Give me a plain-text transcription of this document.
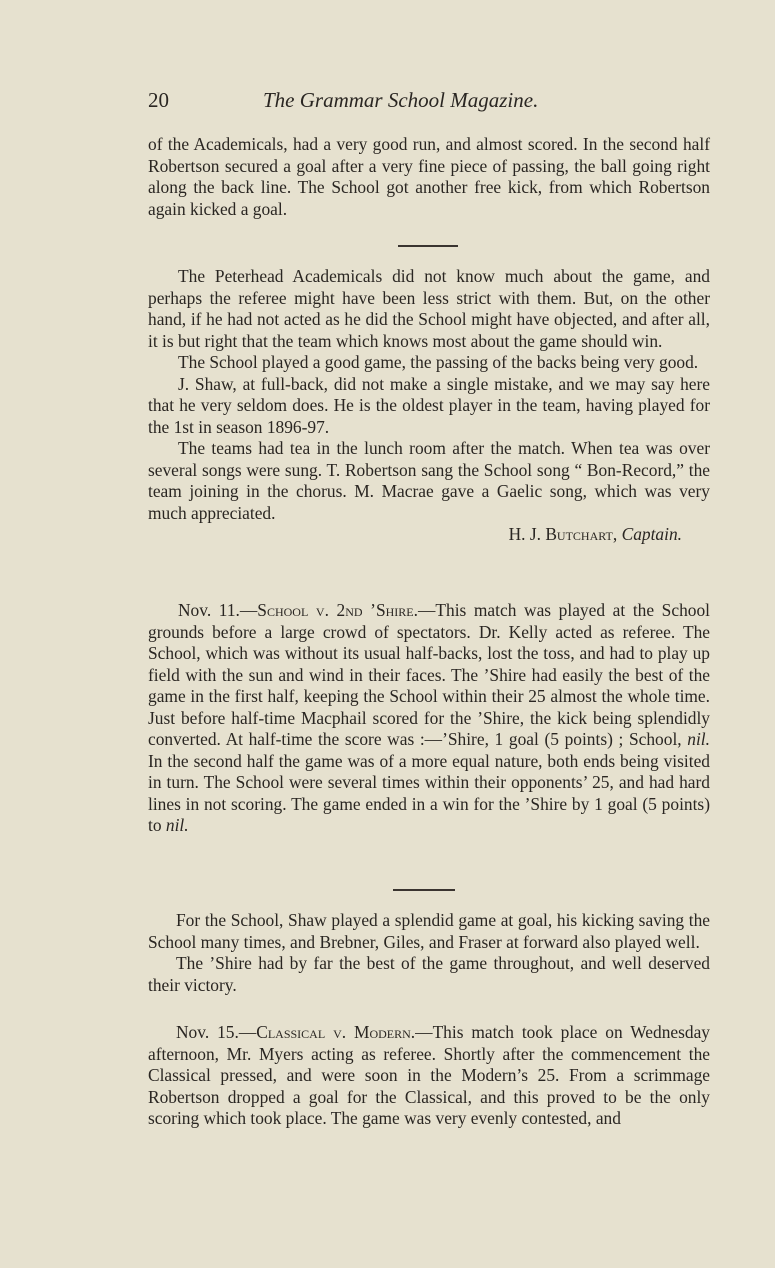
20	The Grammar School Magazine.

of the Academicals, had a very good run, and almost scored. In the second half Robertson secured a goal after a very fine piece of passing, the ball going right along the back line. The School got another free kick, from which Robertson again kicked a goal.

The Peterhead Academicals did not know much about the game, and perhaps the referee might have been less strict with them. But, on the other hand, if he had not acted as he did the School might have objected, and after all, it is but right that the team which knows most about the game should win.

The School played a good game, the passing of the backs being very good.

J. Shaw, at full-back, did not make a single mistake, and we may say here that he very seldom does. He is the oldest player in the team, having played for the 1st in season 1896-97.

The teams had tea in the lunch room after the match. When tea was over several songs were sung. T. Robertson sang the School song “ Bon-Record,” the team joining in the chorus. M. Macrae gave a Gaelic song, which was very much appreciated.

H. J. Butchart, Captain.

Nov. 11.—School v. 2nd ’Shire.—This match was played at the School grounds before a large crowd of spectators. Dr. Kelly acted as referee. The School, which was without its usual half-backs, lost the toss, and had to play up field with the sun and wind in their faces. The ’Shire had easily the best of the game in the first half, keeping the School within their 25 almost the whole time. Just before half-time Macphail scored for the ’Shire, the kick being splendidly converted. At half-time the score was :—’Shire, 1 goal (5 points) ; School, nil. In the second half the game was of a more equal nature, both ends being visited in turn. The School were several times within their opponents’ 25, and had hard lines in not scoring. The game ended in a win for the ’Shire by 1 goal (5 points) to nil.

For the School, Shaw played a splendid game at goal, his kicking saving the School many times, and Brebner, Giles, and Fraser at forward also played well.

The ’Shire had by far the best of the game throughout, and well deserved their victory.

Nov. 15.—Classical v. Modern.—This match took place on Wednesday afternoon, Mr. Myers acting as referee. Shortly after the commencement the Classical pressed, and were soon in the Modern’s 25. From a scrimmage Robertson dropped a goal for the Classical, and this proved to be the only scoring which took place. The game was very evenly contested, and
